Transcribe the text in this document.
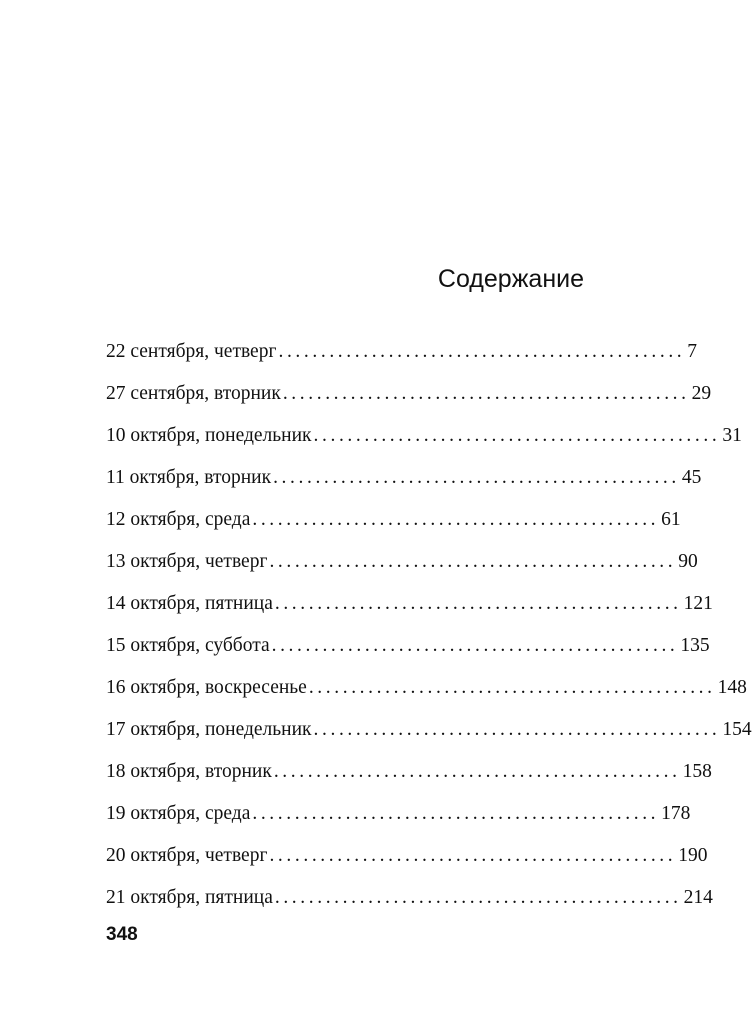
Содержание
22 сентября, четверг ................................................ 7
27 сентября, вторник ................................................ 29
10 октября, понедельник ................................................ 31
11 октября, вторник ................................................ 45
12 октября, среда ................................................ 61
13 октября, четверг ................................................ 90
14 октября, пятница ................................................ 121
15 октября, суббота ................................................ 135
16 октября, воскресенье ................................................ 148
17 октября, понедельник ................................................ 154
18 октября, вторник ................................................ 158
19 октября, среда ................................................ 178
20 октября, четверг ................................................ 190
21 октября, пятница ................................................ 214
348
